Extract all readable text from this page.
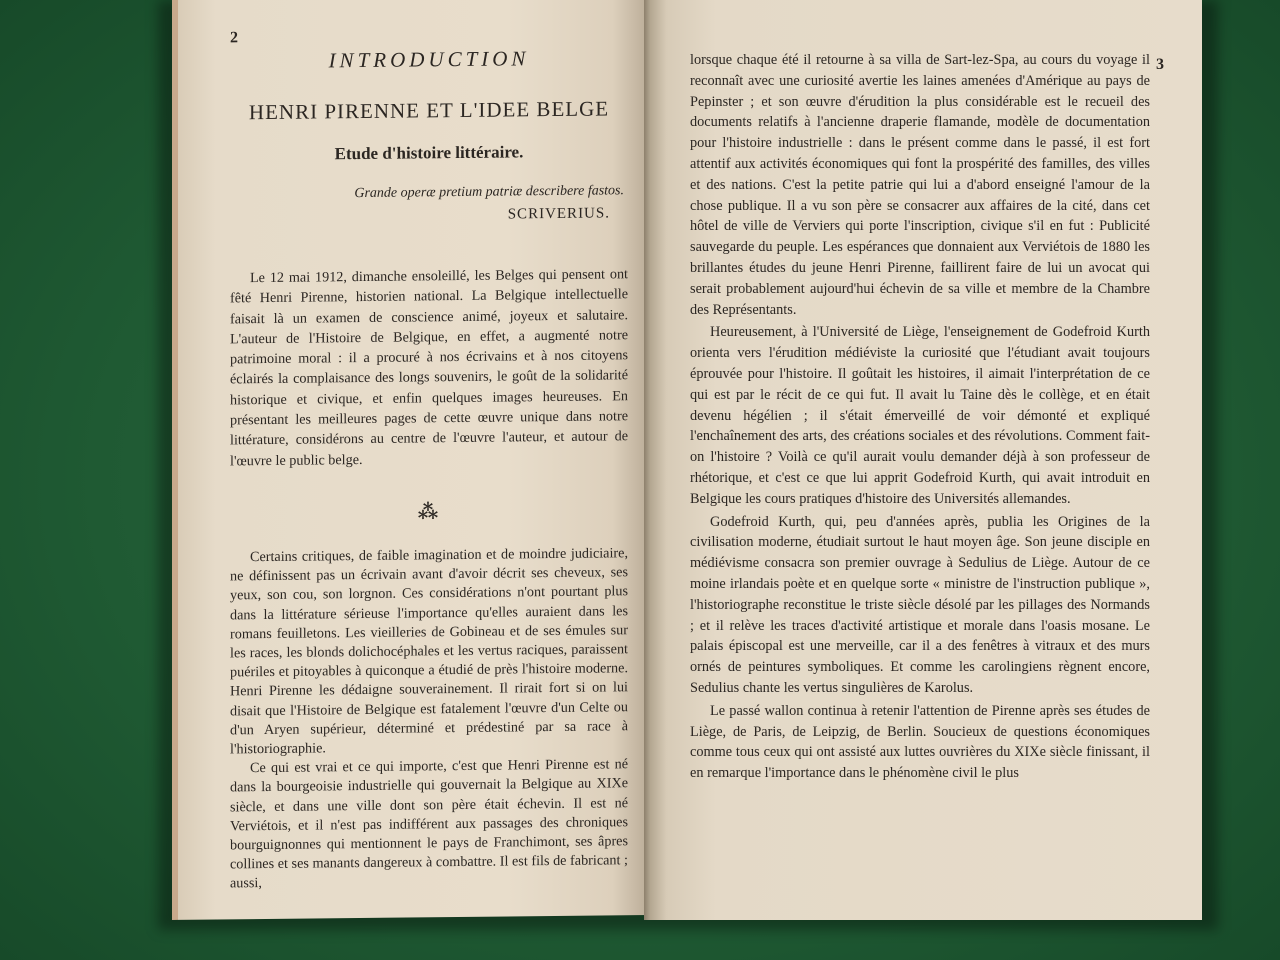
2
INTRODUCTION
HENRI PIRENNE ET L'IDEE BELGE
Etude d'histoire littéraire.
Grande operæ pretium patriæ describere fastos.
SCRIVERIUS.

Le 12 mai 1912, dimanche ensoleillé, les Belges qui pensent ont fêté Henri Pirenne, historien national. La Belgique intellectuelle faisait là un examen de conscience animé, joyeux et salutaire. L'auteur de l'Histoire de Belgique, en effet, a augmenté notre patrimoine moral : il a procuré à nos écrivains et à nos citoyens éclairés la complaisance des longs souvenirs, le goût de la solidarité historique et civique, et enfin quelques images heureuses. En présentant les meilleures pages de cette œuvre unique dans notre littérature, considérons au centre de l'œuvre l'auteur, et autour de l'œuvre le public belge.

⁂

Certains critiques, de faible imagination et de moindre judiciaire, ne définissent pas un écrivain avant d'avoir décrit ses cheveux, ses yeux, son cou, son lorgnon. Ces considérations n'ont pourtant plus dans la littérature sérieuse l'importance qu'elles auraient dans les romans feuilletons. Les vieilleries de Gobineau et de ses émules sur les races, les blonds dolichocéphales et les vertus raciques, paraissent puériles et pitoyables à quiconque a étudié de près l'histoire moderne. Henri Pirenne les dédaigne souverainement. Il rirait fort si on lui disait que l'Histoire de Belgique est fatalement l'œuvre d'un Celte ou d'un Aryen supérieur, déterminé et prédestiné par sa race à l'historiographie.

Ce qui est vrai et ce qui importe, c'est que Henri Pirenne est né dans la bourgeoisie industrielle qui gouvernait la Belgique au XIXe siècle, et dans une ville dont son père était échevin. Il est né Verviétois, et il n'est pas indifférent aux passages des chroniques bourguignonnes qui mentionnent le pays de Franchimont, ses âpres collines et ses manants dangereux à combattre. Il est fils de fabricant ; aussi,

3

lorsque chaque été il retourne à sa villa de Sart-lez-Spa, au cours du voyage il reconnaît avec une curiosité avertie les laines amenées d'Amérique au pays de Pepinster ; et son œuvre d'érudition la plus considérable est le recueil des documents relatifs à l'ancienne draperie flamande, modèle de documentation pour l'histoire industrielle : dans le présent comme dans le passé, il est fort attentif aux activités économiques qui font la prospérité des familles, des villes et des nations. C'est la petite patrie qui lui a d'abord enseigné l'amour de la chose publique. Il a vu son père se consacrer aux affaires de la cité, dans cet hôtel de ville de Verviers qui porte l'inscription, civique s'il en fut : Publicité sauvegarde du peuple. Les espérances que donnaient aux Verviétois de 1880 les brillantes études du jeune Henri Pirenne, faillirent faire de lui un avocat qui serait probablement aujourd'hui échevin de sa ville et membre de la Chambre des Représentants.

Heureusement, à l'Université de Liège, l'enseignement de Godefroid Kurth orienta vers l'érudition médiéviste la curiosité que l'étudiant avait toujours éprouvée pour l'histoire. Il goûtait les histoires, il aimait l'interprétation de ce qui est par le récit de ce qui fut. Il avait lu Taine dès le collège, et en était devenu hégélien ; il s'était émerveillé de voir démonté et expliqué l'enchaînement des arts, des créations sociales et des révolutions. Comment fait-on l'histoire ? Voilà ce qu'il aurait voulu demander déjà à son professeur de rhétorique, et c'est ce que lui apprit Godefroid Kurth, qui avait introduit en Belgique les cours pratiques d'histoire des Universités allemandes.

Godefroid Kurth, qui, peu d'années après, publia les Origines de la civilisation moderne, étudiait surtout le haut moyen âge. Son jeune disciple en médiévisme consacra son premier ouvrage à Sedulius de Liège. Autour de ce moine irlandais poète et en quelque sorte « ministre de l'instruction publique », l'historiographe reconstitue le triste siècle désolé par les pillages des Normands ; et il relève les traces d'activité artistique et morale dans l'oasis mosane. Le palais épiscopal est une merveille, car il a des fenêtres à vitraux et des murs ornés de peintures symboliques. Et comme les carolingiens règnent encore, Sedulius chante les vertus singulières de Karolus.

Le passé wallon continua à retenir l'attention de Pirenne après ses études de Liège, de Paris, de Leipzig, de Berlin. Soucieux de questions économiques comme tous ceux qui ont assisté aux luttes ouvrières du XIXe siècle finissant, il en remarque l'importance dans le phénomène civil le plus
